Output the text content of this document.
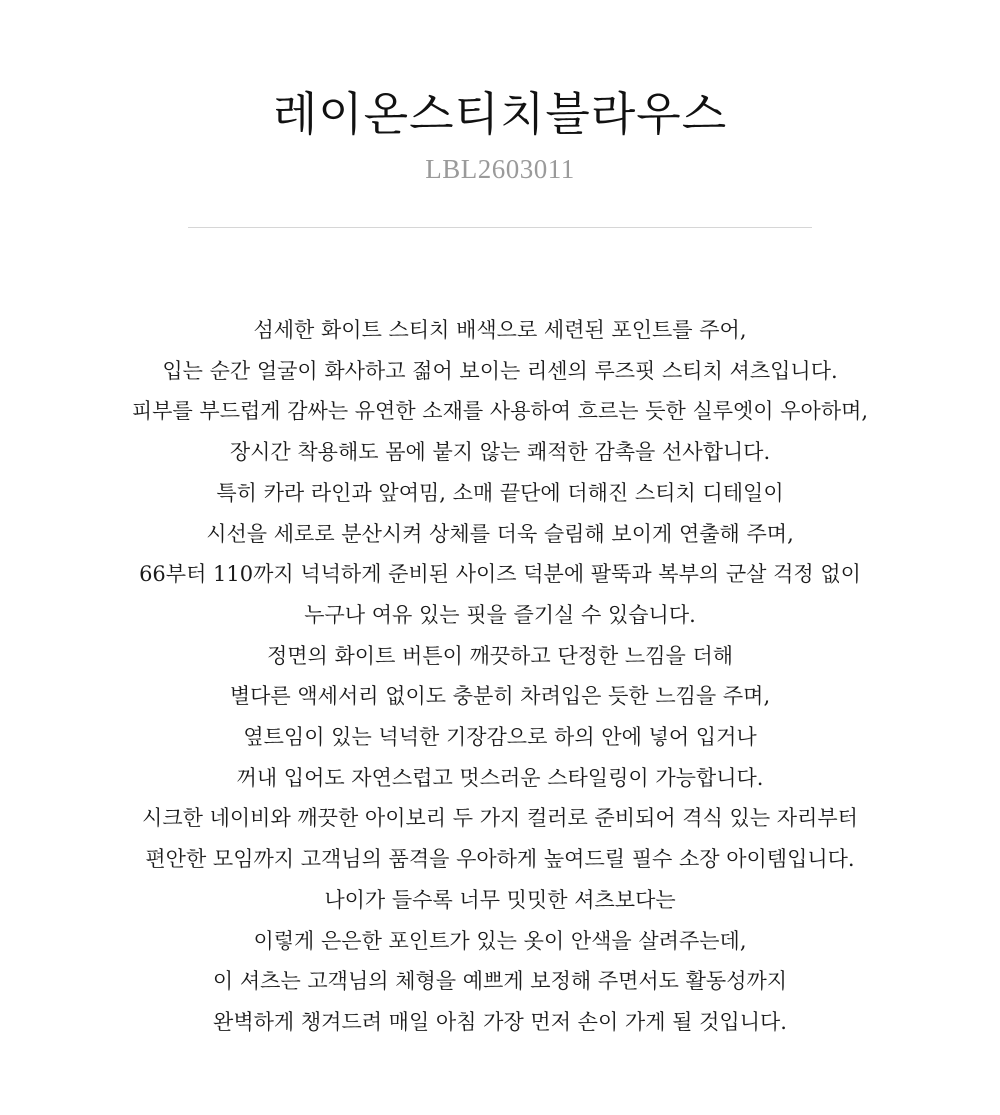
레이온스티치블라우스
LBL2603011
섬세한 화이트 스티치 배색으로 세련된 포인트를 주어,
입는 순간 얼굴이 화사하고 젊어 보이는 리센의 루즈핏 스티치 셔츠입니다.
피부를 부드럽게 감싸는 유연한 소재를 사용하여 흐르는 듯한 실루엣이 우아하며,
장시간 착용해도 몸에 붙지 않는 쾌적한 감촉을 선사합니다.
특히 카라 라인과 앞여밈, 소매 끝단에 더해진 스티치 디테일이
시선을 세로로 분산시켜 상체를 더욱 슬림해 보이게 연출해 주며,
66부터 110까지 넉넉하게 준비된 사이즈 덕분에 팔뚝과 복부의 군살 걱정 없이
누구나 여유 있는 핏을 즐기실 수 있습니다.
정면의 화이트 버튼이 깨끗하고 단정한 느낌을 더해
별다른 액세서리 없이도 충분히 차려입은 듯한 느낌을 주며,
옆트임이 있는 넉넉한 기장감으로 하의 안에 넣어 입거나
꺼내 입어도 자연스럽고 멋스러운 스타일링이 가능합니다.
시크한 네이비와 깨끗한 아이보리 두 가지 컬러로 준비되어 격식 있는 자리부터
편안한 모임까지 고객님의 품격을 우아하게 높여드릴 필수 소장 아이템입니다.
나이가 들수록 너무 밋밋한 셔츠보다는
이렇게 은은한 포인트가 있는 옷이 안색을 살려주는데,
이 셔츠는 고객님의 체형을 예쁘게 보정해 주면서도 활동성까지
완벽하게 챙겨드려 매일 아침 가장 먼저 손이 가게 될 것입니다.
